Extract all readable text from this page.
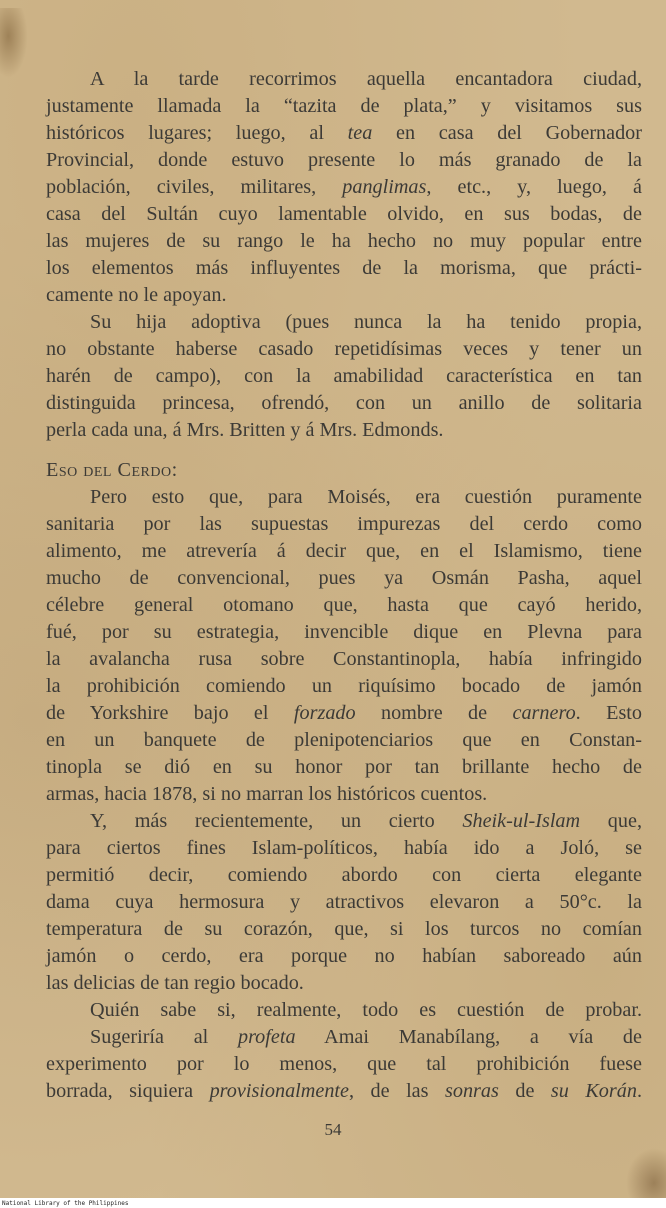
A la tarde recorrimos aquella encantadora ciudad,
justamente llamada la “tazita de plata,” y visitamos sus
históricos lugares; luego, al tea en casa del Gobernador
Provincial, donde estuvo presente lo más granado de la
población, civiles, militares, panglimas, etc., y, luego, á
casa del Sultán cuyo lamentable olvido, en sus bodas, de
las mujeres de su rango le ha hecho no muy popular entre
los elementos más influyentes de la morisma, que prácti-
camente no le apoyan.
Su hija adoptiva (pues nunca la ha tenido propia,
no obstante haberse casado repetidísimas veces y tener un
harén de campo), con la amabilidad característica en tan
distinguida princesa, ofrendó, con un anillo de solitaria
perla cada una, á Mrs. Britten y á Mrs. Edmonds.
Eso del Cerdo:
Pero esto que, para Moisés, era cuestión puramente
sanitaria por las supuestas impurezas del cerdo como
alimento, me atrevería á decir que, en el Islamismo, tiene
mucho de convencional, pues ya Osmán Pasha, aquel
célebre general otomano que, hasta que cayó herido,
fué, por su estrategia, invencible dique en Plevna para
la avalancha rusa sobre Constantinopla, había infringido
la prohibición comiendo un riquísimo bocado de jamón
de Yorkshire bajo el forzado nombre de carnero. Esto
en un banquete de plenipotenciarios que en Constan-
tinopla se dió en su honor por tan brillante hecho de
armas, hacia 1878, si no marran los históricos cuentos.
Y, más recientemente, un cierto Sheik-ul-Islam que,
para ciertos fines Islam-políticos, había ido a Joló, se
permitió decir, comiendo abordo con cierta elegante
dama cuya hermosura y atractivos elevaron a 50°c. la
temperatura de su corazón, que, si los turcos no comían
jamón o cerdo, era porque no habían saboreado aún
las delicias de tan regio bocado.
Quién sabe si, realmente, todo es cuestión de probar.
Sugeriría al profeta Amai Manabílang, a vía de
experimento por lo menos, que tal prohibición fuese
borrada, siquiera provisionalmente, de las sonras de su Korán.
54
National Library of the Philippines
